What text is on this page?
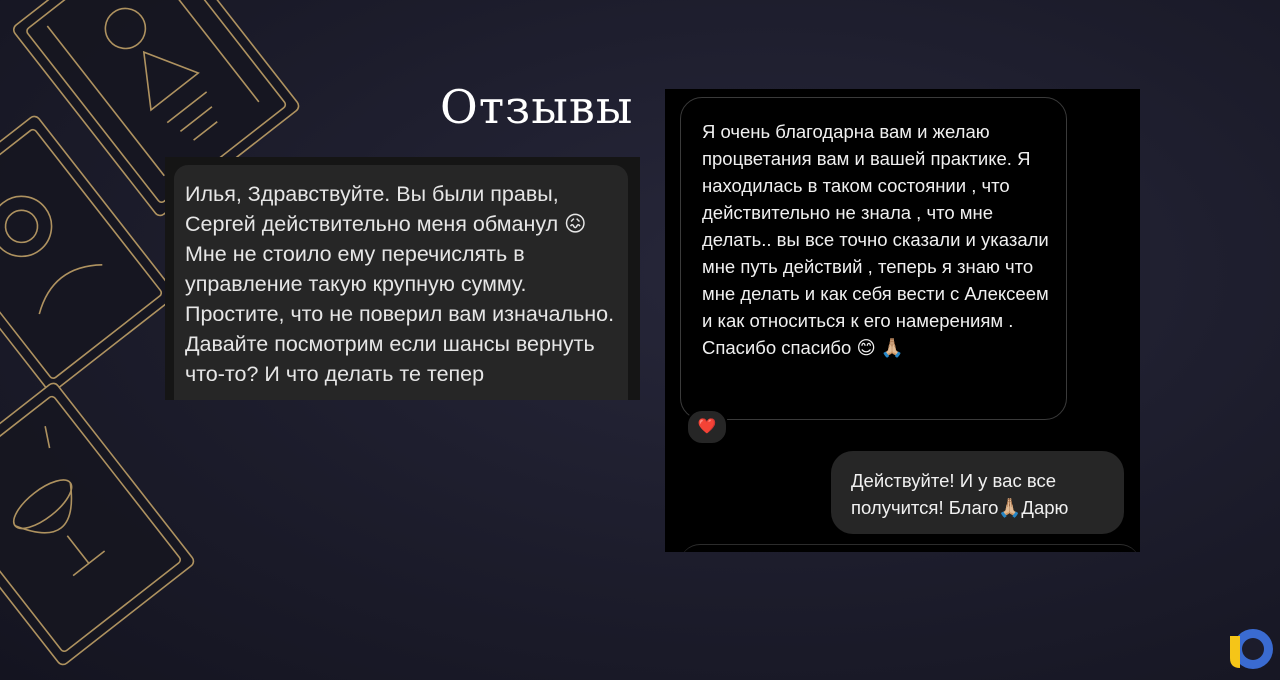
Отзывы
Илья, Здравствуйте. Вы были правы, Сергей действительно меня обманул 😖 Мне не стоило ему перечислять в управление такую крупную сумму. Простите, что не поверил вам изначально. Давайте посмотрим если шансы вернуть что-то? И что делать те тепер
Я очень благодарна вам и желаю процветания вам и вашей практике. Я находилась в таком состоянии , что действительно не знала , что мне делать.. вы все точно сказали и указали мне путь действий , теперь я знаю что мне делать и как себя вести с Алексеем и как относиться к его намерениям . Спасибо спасибо 😊 🙏🏼
❤️
Действуйте! И у вас все получится! Благо🙏🏼Дарю
